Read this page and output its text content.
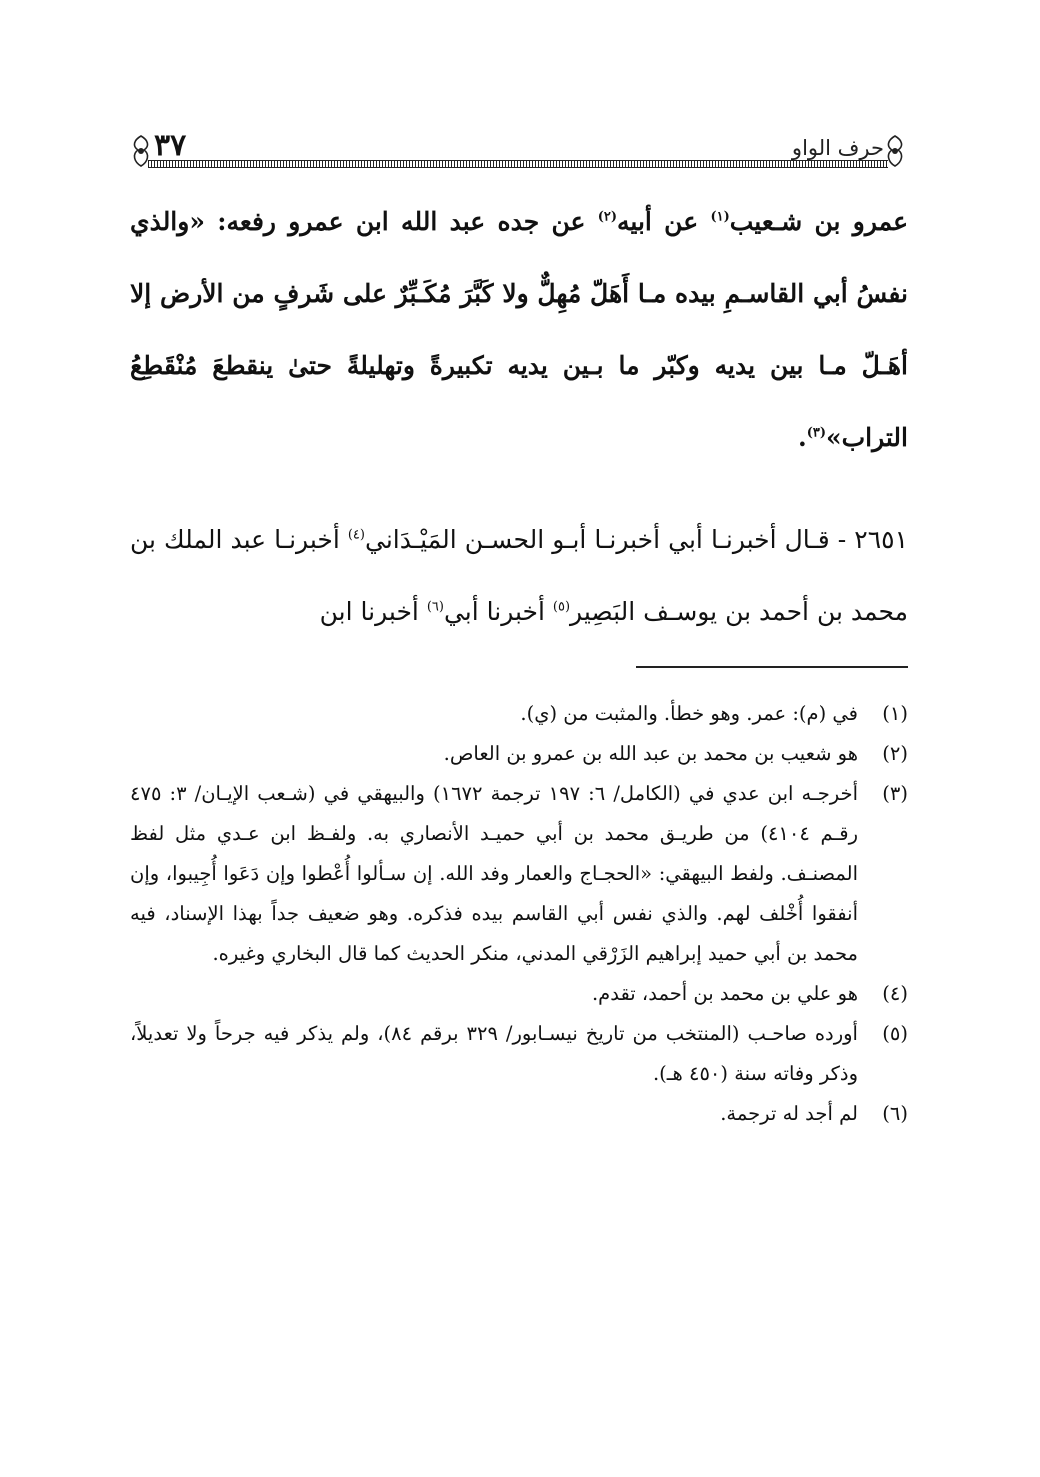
حرف الواو
٣٧

عمرو بن شـعيب$^{(١)}$ عن أبيه$^{(٢)}$ عن جده عبد الله ابن عمرو رفعه: «والذي نفسُ أبي القاسـمِ بيده مـا أَهَلّ مُهِلٌّ ولا كَبَّرَ مُكَـبِّرٌ على شَرفٍ من الأرض إلا أهَـلّ مـا بين يديه وكبّر ما بـين يديه تكبيرةً وتهليلةً حتىٰ ينقطعَ مُنْقَطِعُ التراب»$^{(٣)}$.

٢٦٥١ - قـال أخبرنـا أبي أخبرنـا أبـو الحسـن المَيْـدَاني$^{(٤)}$ أخبرنـا عبد الملك بن محمد بن أحمد بن يوسـف البَصِير$^{(٥)}$ أخبرنا أبي$^{(٦)}$ أخبرنا ابن

(١)
في (م): عمر. وهو خطأ. والمثبت من (ي).
(٢)
هو شعيب بن محمد بن عبد الله بن عمرو بن العاص.
(٣)
أخرجـه ابن عدي في (الكامل/ ٦: ١٩٧ ترجمة ١٦٧٢) والبيهقي في (شـعب الإيـان/ ٣: ٤٧٥ رقـم ٤١٠٤) من طريـق محمد بن أبي حميـد الأنصاري به. ولفـظ ابن عـدي مثل لفظ المصنـف. ولفط البيهقي: «الحجـاج والعمار وفد الله. إن سـألوا أُعْطوا وإن دَعَوا أُجِيبوا، وإن أنفقوا أُخْلف لهم. والذي نفس أبي القاسم بيده فذكره. وهو ضعيف جداً بهذا الإسناد، فيه محمد بن أبي حميد إبراهيم الزَرْقي المدني، منكر الحديث كما قال البخاري وغيره.
(٤)
هو علي بن محمد بن أحمد، تقدم.
(٥)
أورده صاحـب (المنتخب من تاريخ نيسـابور/ ٣٢٩ برقم ٨٤)، ولم يذكر فيه جرحاً ولا تعديلاً، وذكر وفاته سنة (٤٥٠ هـ).
(٦)
لم أجد له ترجمة.
